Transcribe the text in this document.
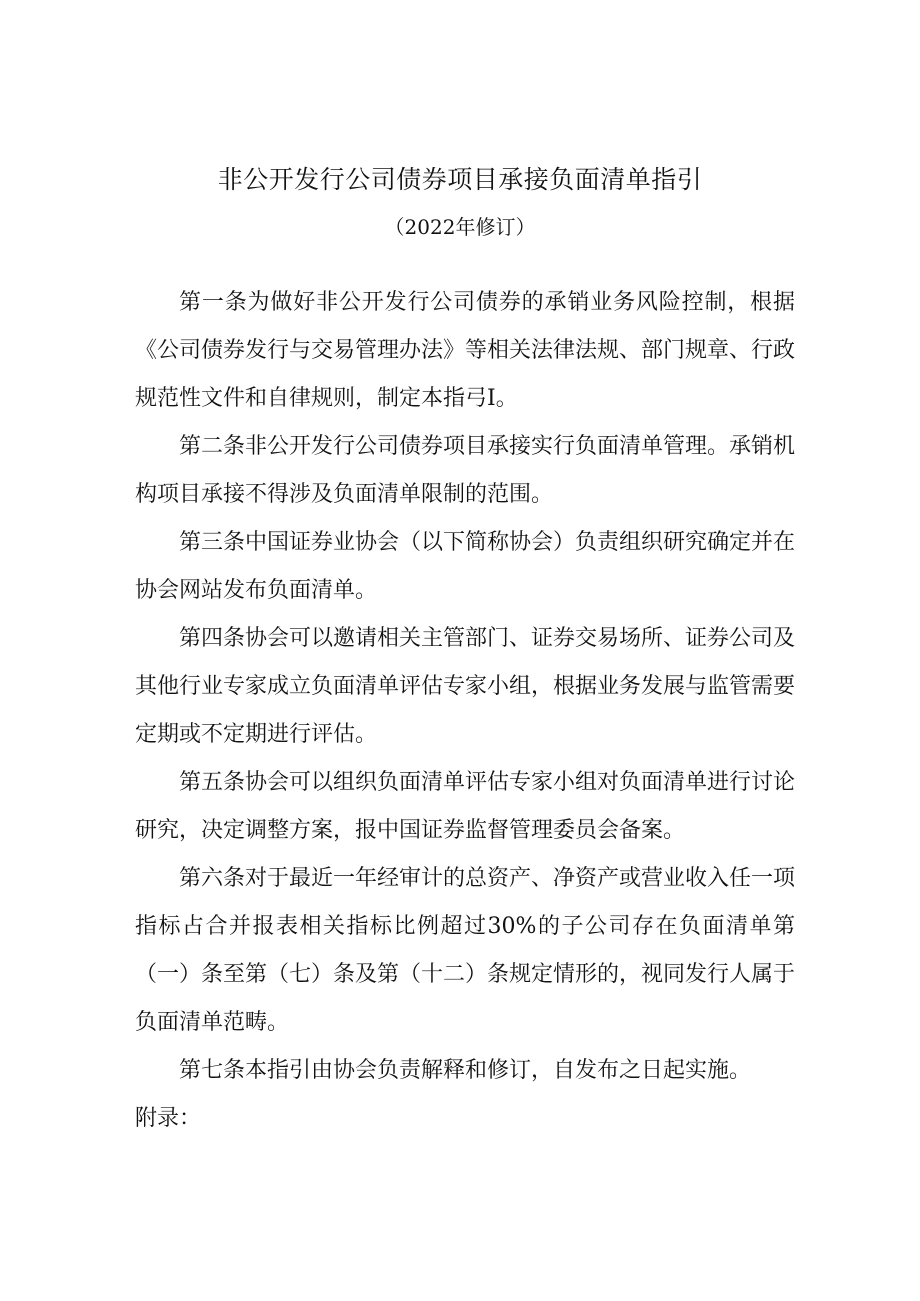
非公开发行公司债券项目承接负面清单指引
（2022年修订）

第一条为做好非公开发行公司债券的承销业务风险控制，根据《公司债券发行与交易管理办法》等相关法律法规、部门规章、行政规范性文件和自律规则，制定本指弓I。

第二条非公开发行公司债券项目承接实行负面清单管理。承销机构项目承接不得涉及负面清单限制的范围。

第三条中国证券业协会（以下简称协会）负责组织研究确定并在协会网站发布负面清单。

第四条协会可以邀请相关主管部门、证券交易场所、证券公司及其他行业专家成立负面清单评估专家小组，根据业务发展与监管需要定期或不定期进行评估。

第五条协会可以组织负面清单评估专家小组对负面清单进行讨论研究，决定调整方案，报中国证券监督管理委员会备案。

第六条对于最近一年经审计的总资产、净资产或营业收入任一项指标占合并报表相关指标比例超过30%的子公司存在负面清单第（一）条至第（七）条及第（十二）条规定情形的，视同发行人属于负面清单范畴。

第七条本指引由协会负责解释和修订，自发布之日起实施。

附录：
